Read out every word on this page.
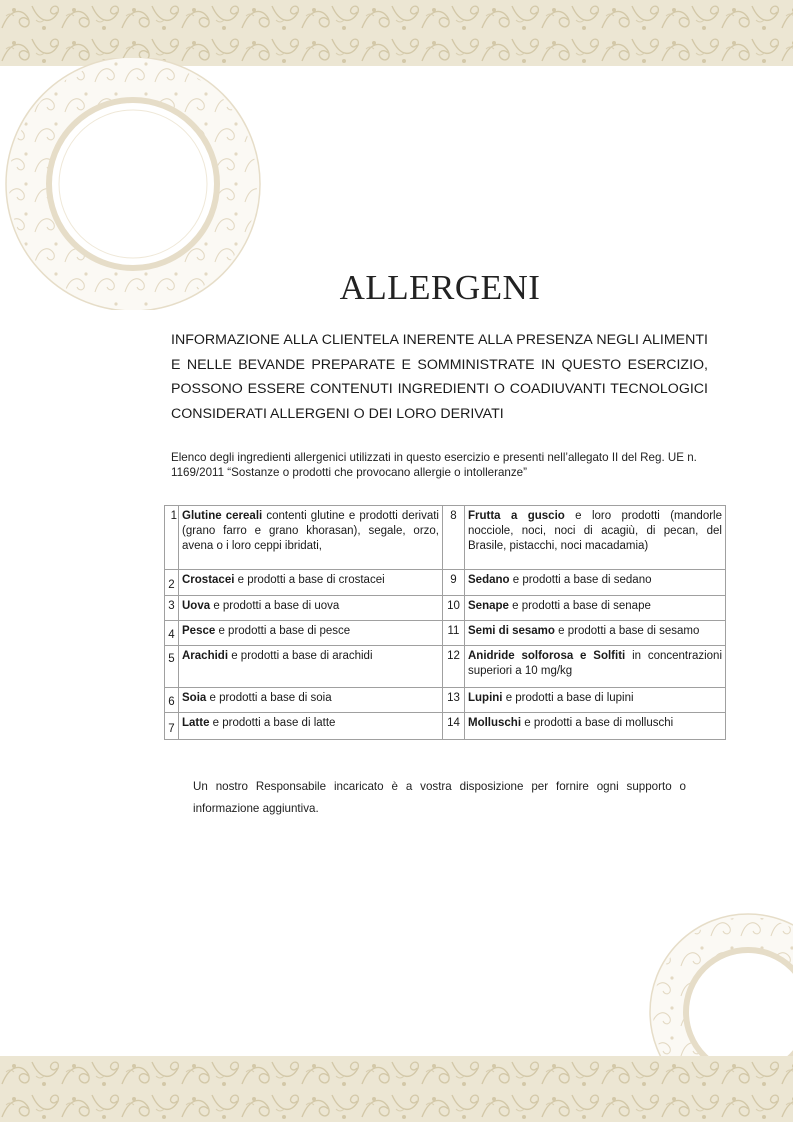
ALLERGENI

INFORMAZIONE ALLA CLIENTELA INERENTE ALLA PRESENZA NEGLI ALIMENTI E NELLE BEVANDE PREPARATE E SOMMINISTRATE IN QUESTO ESERCIZIO, POSSONO ESSERE CONTENUTI INGREDIENTI O COADIUVANTI TECNOLOGICI CONSIDERATI ALLERGENI O DEI LORO DERIVATI

Elenco degli ingredienti allergenici utilizzati in questo esercizio e presenti nell’allegato II del Reg. UE n. 1169/2011 “Sostanze o prodotti che provocano allergie o intolleranze”

1	Glutine cereali contenti glutine e prodotti derivati (grano farro e grano khorasan), segale, orzo, avena o i loro ceppi ibridati,	8	Frutta a guscio e loro prodotti (mandorle nocciole, noci, noci di acagiù, di pecan, del Brasile, pistacchi, noci macadamia)
2	Crostacei e prodotti a base di crostacei	9	Sedano e prodotti a base di sedano
3	Uova e prodotti a base di uova	10	Senape e prodotti a base di senape
4	Pesce e prodotti a base di pesce	11	Semi di sesamo e prodotti a base di sesamo
5	Arachidi e prodotti a base di arachidi	12	Anidride solforosa e Solfiti in concentrazioni superiori a 10 mg/kg
6	Soia e prodotti a base di soia	13	Lupini e prodotti a base di lupini
7	Latte e prodotti a base di latte	14	Molluschi e prodotti a base di molluschi

Un nostro Responsabile incaricato è a vostra disposizione per fornire ogni supporto o informazione aggiuntiva.
